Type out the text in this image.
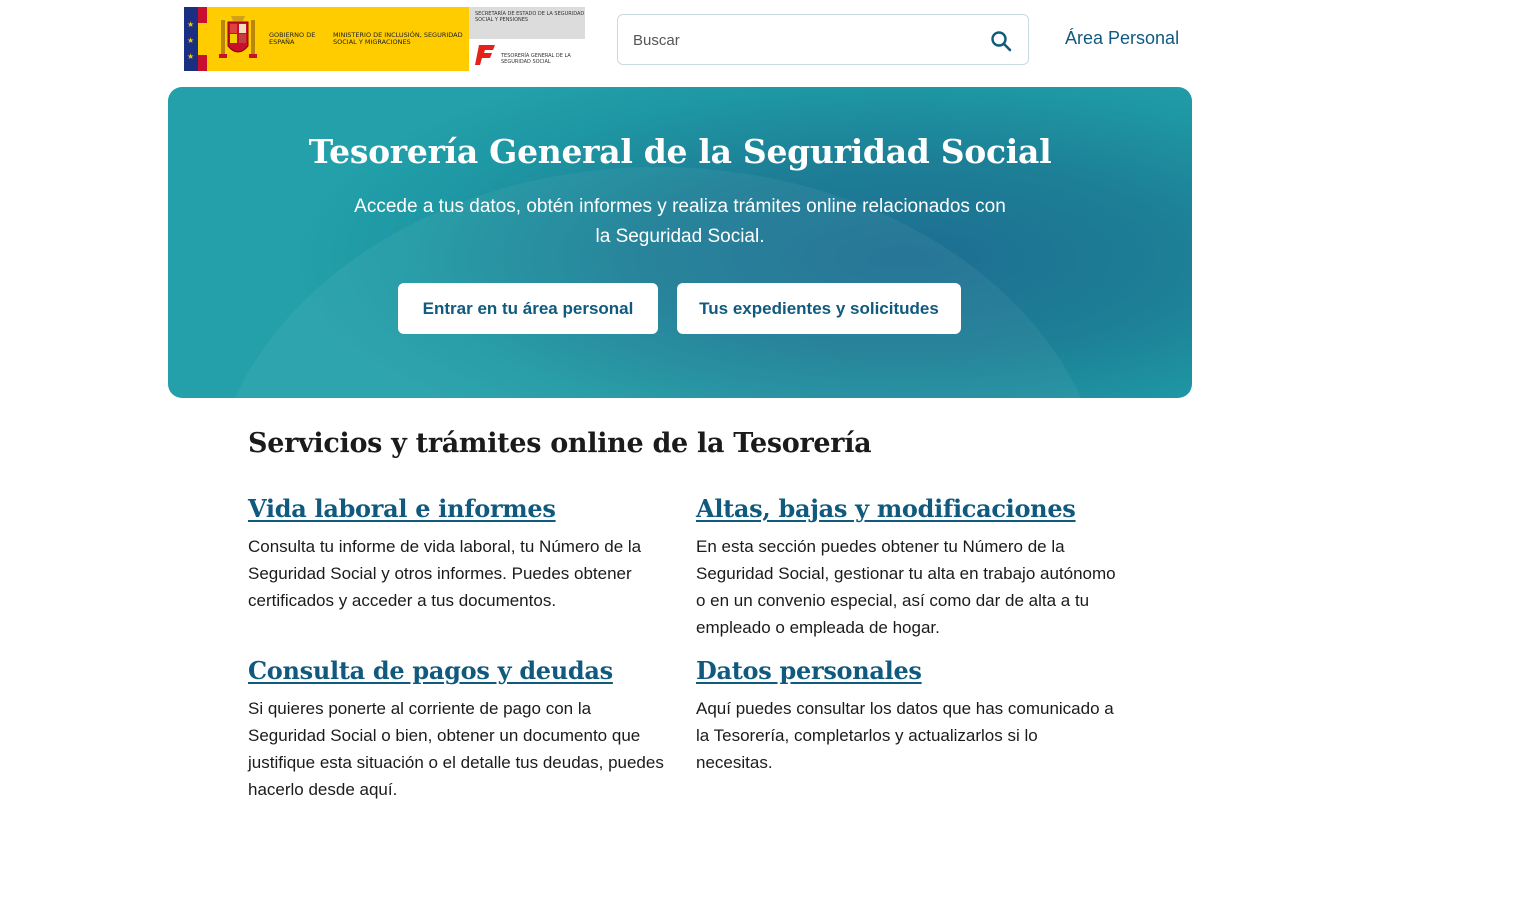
★
★
★
GOBIERNO DE ESPAÑA
MINISTERIO DE INCLUSIÓN, SEGURIDAD SOCIAL Y MIGRACIONES
SECRETARÍA DE ESTADO DE LA SEGURIDAD SOCIAL Y PENSIONES
TESORERÍA GENERAL DE LA SEGURIDAD SOCIAL
Buscar
Área Personal
Tesorería General de la Seguridad Social

Accede a tus datos, obtén informes y realiza trámites online relacionados con la Seguridad Social.

Entrar en tu área personal	Tus expedientes y solicitudes
Servicios y trámites online de la Tesorería
Vida laboral e informes

Consulta tu informe de vida laboral, tu Número de la Seguridad Social y otros informes. Puedes obtener certificados y acceder a tus documentos.

Altas, bajas y modificaciones

En esta sección puedes obtener tu Número de la Seguridad Social, gestionar tu alta en trabajo autónomo o en un convenio especial, así como dar de alta a tu empleado o empleada de hogar.

Consulta de pagos y deudas

Si quieres ponerte al corriente de pago con la Seguridad Social o bien, obtener un documento que justifique esta situación o el detalle tus deudas, puedes hacerlo desde aquí.

Datos personales

Aquí puedes consultar los datos que has comunicado a la Tesorería, completarlos y actualizarlos si lo necesitas.
